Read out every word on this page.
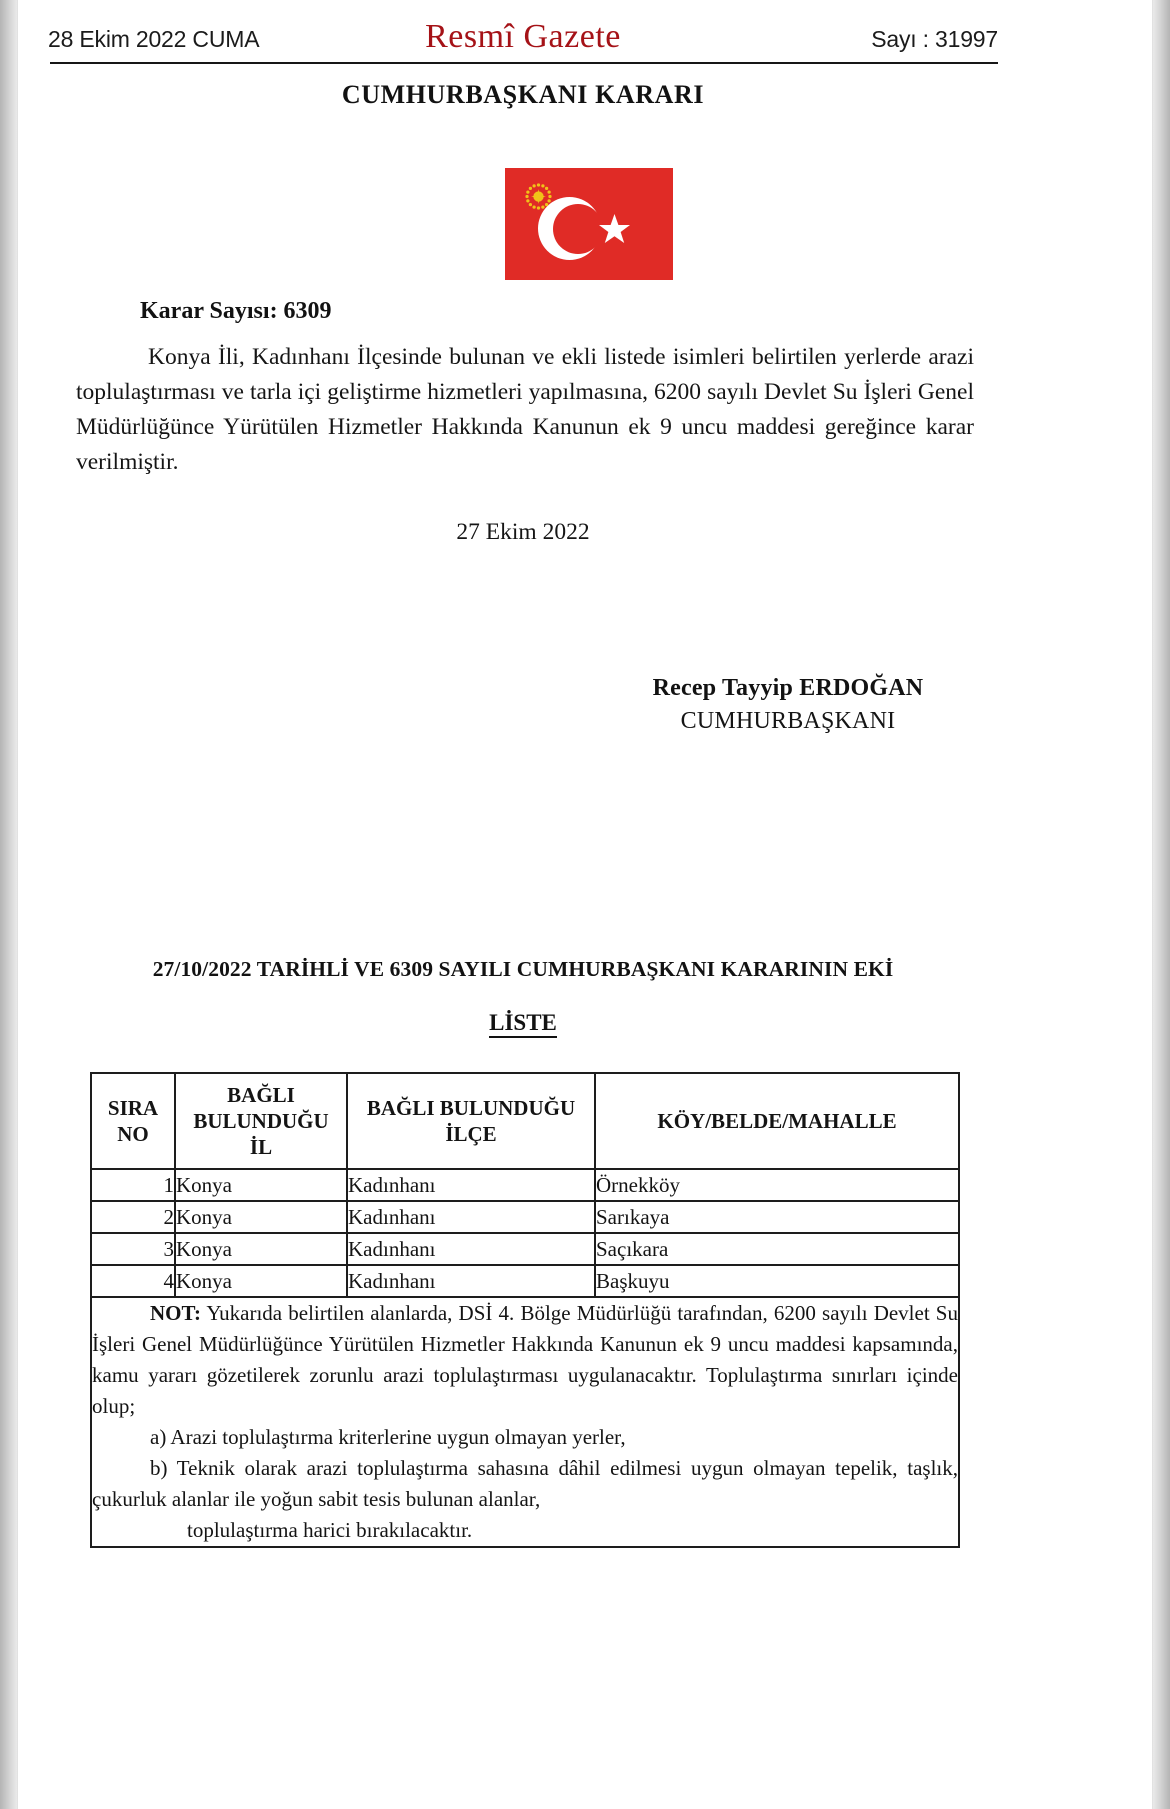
28 Ekim 2022 CUMA	Resmî Gazete	Sayı : 31997
CUMHURBAŞKANI KARARI
Karar Sayısı: 6309
Konya İli, Kadınhanı İlçesinde bulunan ve ekli listede isimleri belirtilen yerlerde arazi toplulaştırması ve tarla içi geliştirme hizmetleri yapılmasına, 6200 sayılı Devlet Su İşleri Genel Müdürlüğünce Yürütülen Hizmetler Hakkında Kanunun ek 9 uncu maddesi gereğince karar verilmiştir.
27 Ekim 2022
Recep Tayyip ERDOĞAN
CUMHURBAŞKANI
27/10/2022 TARİHLİ VE 6309 SAYILI CUMHURBAŞKANI KARARININ EKİ
LİSTE
SIRA NO	BAĞLI BULUNDUĞU İL	BAĞLI BULUNDUĞU İLÇE	KÖY/BELDE/MAHALLE
1	Konya	Kadınhanı	Örnekköy
2	Konya	Kadınhanı	Sarıkaya
3	Konya	Kadınhanı	Saçıkara
4	Konya	Kadınhanı	Başkuyu

NOT: Yukarıda belirtilen alanlarda, DSİ 4. Bölge Müdürlüğü tarafından, 6200 sayılı Devlet Su İşleri Genel Müdürlüğünce Yürütülen Hizmetler Hakkında Kanunun ek 9 uncu maddesi kapsamında, kamu yararı gözetilerek zorunlu arazi toplulaştırması uygulanacaktır. Toplulaştırma sınırları içinde olup;

a) Arazi toplulaştırma kriterlerine uygun olmayan yerler,

b) Teknik olarak arazi toplulaştırma sahasına dâhil edilmesi uygun olmayan tepelik, taşlık, çukurluk alanlar ile yoğun sabit tesis bulunan alanlar,

toplulaştırma harici bırakılacaktır.			
